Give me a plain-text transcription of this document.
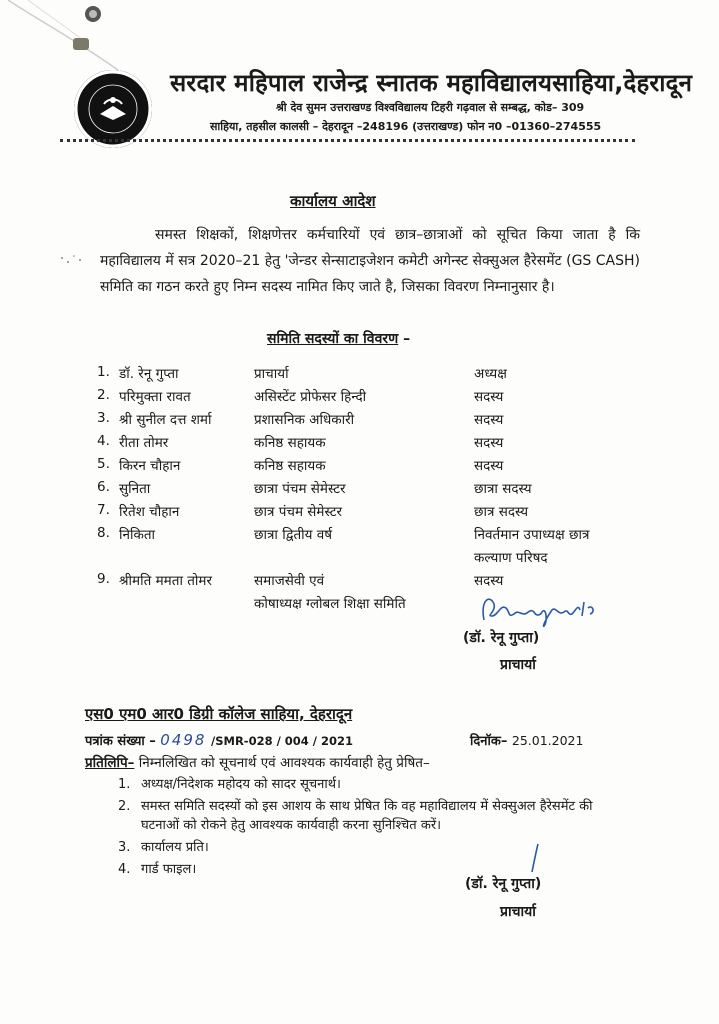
सरदार महिपाल राजेन्द्र स्नातक महाविद्यालयसाहिया,देहरादून
श्री देव सुमन उत्तराखण्ड विश्वविद्यालय टिहरी गढ़वाल से सम्बद्ध, कोड– 309
साहिया, तहसील कालसी – देहरादून –248196 (उत्तराखण्ड) फोन न0 –01360–274555
कार्यालय आदेश
समस्त शिक्षकों, शिक्षणेत्तर कर्मचारियों एवं छात्र–छात्राओं को सूचित किया जाता है कि महाविद्यालय में सत्र 2020–21 हेतु 'जेन्डर सेन्साटाइजेशन कमेटी अगेन्स्ट सेक्सुअल हैरेसमेंट (GS CASH) समिति का गठन करते हुए निम्न सदस्य नामित किए जाते है, जिसका विवरण निम्नानुसार है।
समिति सदस्यों का विवरण –
1. डॉ. रेनू गुप्ता	प्राचार्या	अध्यक्ष
2. परिमुक्ता रावत	असिस्टेंट प्रोफेसर हिन्दी	सदस्य
3. श्री सुनील दत्त शर्मा	प्रशासनिक अधिकारी	सदस्य
4. रीता तोमर	कनिष्ठ सहायक	सदस्य
5. किरन चौहान	कनिष्ठ सहायक	सदस्य
6. सुनिता	छात्रा पंचम सेमेस्टर	छात्रा सदस्य
7. रितेश चौहान	छात्र पंचम सेमेस्टर	छात्र सदस्य
8. निकिता	छात्रा द्वितीय वर्ष	निवर्तमान उपाध्यक्ष छात्र
कल्याण परिषद
9. श्रीमति ममता तोमर	समाजसेवी एवं	सदस्य
कोषाध्यक्ष ग्लोबल शिक्षा समिति
(डॉ. रेनू गुप्ता)
प्राचार्या
एस0 एम0 आर0 डिग्री कॉलेज साहिया, देहरादून
पत्रांक संख्या – 0498 /SMR-028 / 004 / 2021	दिनॉक– 25.01.2021
प्रतिलिपि– निम्नलिखित को सूचनार्थ एवं आवश्यक कार्यवाही हेतु प्रेषित–
1. अध्यक्ष/निदेशक महोदय को सादर सूचनार्थ।
2. समस्त समिति सदस्यों को इस आशय के साथ प्रेषित कि वह महाविद्यालय में सेक्सुअल हैरेसमेंट की घटनाओं को रोकने हेतु आवश्यक कार्यवाही करना सुनिश्चित करें।
3. कार्यालय प्रति।
4. गार्ड फाइल।
(डॉ. रेनू गुप्ता)
प्राचार्या
